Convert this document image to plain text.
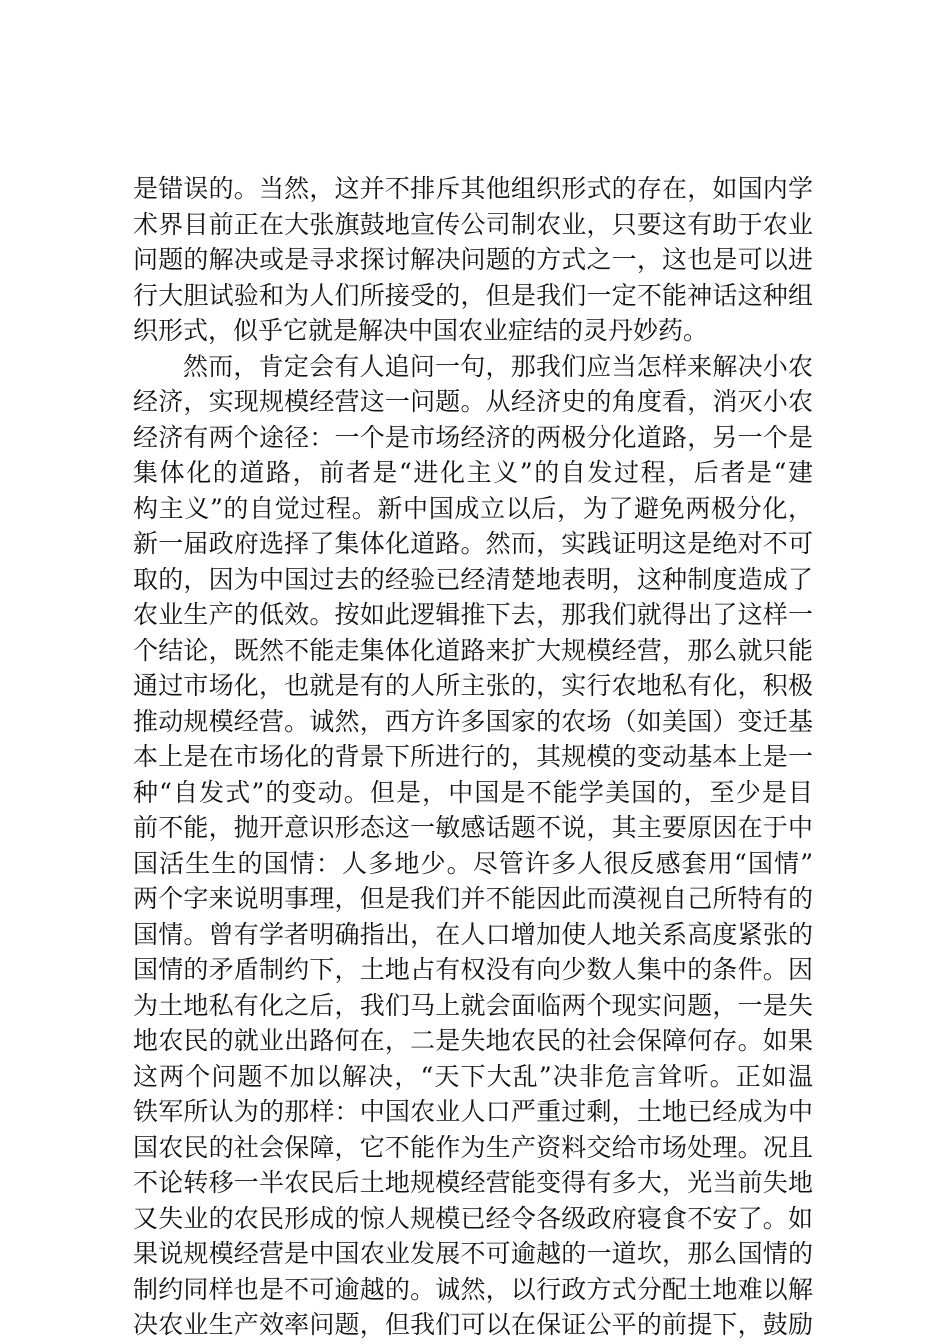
是错误的。当然，这并不排斥其他组织形式的存在，如国内学
术界目前正在大张旗鼓地宣传公司制农业，只要这有助于农业
问题的解决或是寻求探讨解决问题的方式之一，这也是可以进
行大胆试验和为人们所接受的，但是我们一定不能神话这种组
织形式，似乎它就是解决中国农业症结的灵丹妙药。
然而，肯定会有人追问一句，那我们应当怎样来解决小农
经济，实现规模经营这一问题。从经济史的角度看，消灭小农
经济有两个途径：一个是市场经济的两极分化道路，另一个是
集体化的道路，前者是“进化主义”的自发过程，后者是“建
构主义”的自觉过程。新中国成立以后，为了避免两极分化，
新一届政府选择了集体化道路。然而，实践证明这是绝对不可
取的，因为中国过去的经验已经清楚地表明，这种制度造成了
农业生产的低效。按如此逻辑推下去，那我们就得出了这样一
个结论，既然不能走集体化道路来扩大规模经营，那么就只能
通过市场化，也就是有的人所主张的，实行农地私有化，积极
推动规模经营。诚然，西方许多国家的农场（如美国）变迁基
本上是在市场化的背景下所进行的，其规模的变动基本上是一
种“自发式”的变动。但是，中国是不能学美国的，至少是目
前不能，抛开意识形态这一敏感话题不说，其主要原因在于中
国活生生的国情：人多地少。尽管许多人很反感套用“国情”
两个字来说明事理，但是我们并不能因此而漠视自己所特有的
国情。曾有学者明确指出，在人口增加使人地关系高度紧张的
国情的矛盾制约下，土地占有权没有向少数人集中的条件。因
为土地私有化之后，我们马上就会面临两个现实问题，一是失
地农民的就业出路何在，二是失地农民的社会保障何存。如果
这两个问题不加以解决，“天下大乱”决非危言耸听。正如温
铁军所认为的那样：中国农业人口严重过剩，土地已经成为中
国农民的社会保障，它不能作为生产资料交给市场处理。况且
不论转移一半农民后土地规模经营能变得有多大，光当前失地
又失业的农民形成的惊人规模已经令各级政府寝食不安了。如
果说规模经营是中国农业发展不可逾越的一道坎，那么国情的
制约同样也是不可逾越的。诚然，以行政方式分配土地难以解
决农业生产效率问题，但我们可以在保证公平的前提下，鼓励
